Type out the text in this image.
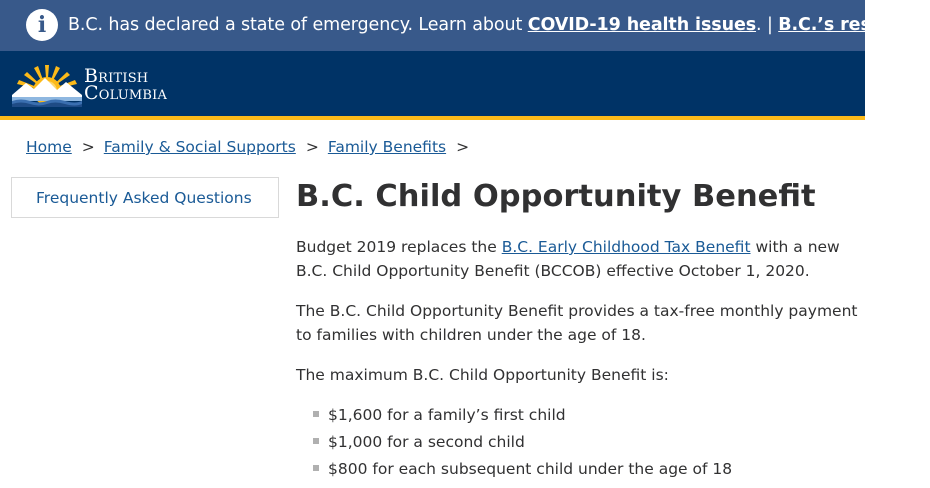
i	B.C. has declared a state of emergency. Learn about COVID-19 health issues. | B.C.’s response
British
Columbia
Home > Family & Social Supports > Family Benefits >
Frequently Asked Questions B.C. Child Opportunity Benefit

Budget 2019 replaces the B.C. Early Childhood Tax Benefit with a new B.C. Child Opportunity Benefit (BCCOB) effective October 1, 2020.

The B.C. Child Opportunity Benefit provides a tax-free monthly payment to families with children under the age of 18.

The maximum B.C. Child Opportunity Benefit is:

$1,600 for a family’s first child
$1,000 for a second child
$800 for each subsequent child under the age of 18
